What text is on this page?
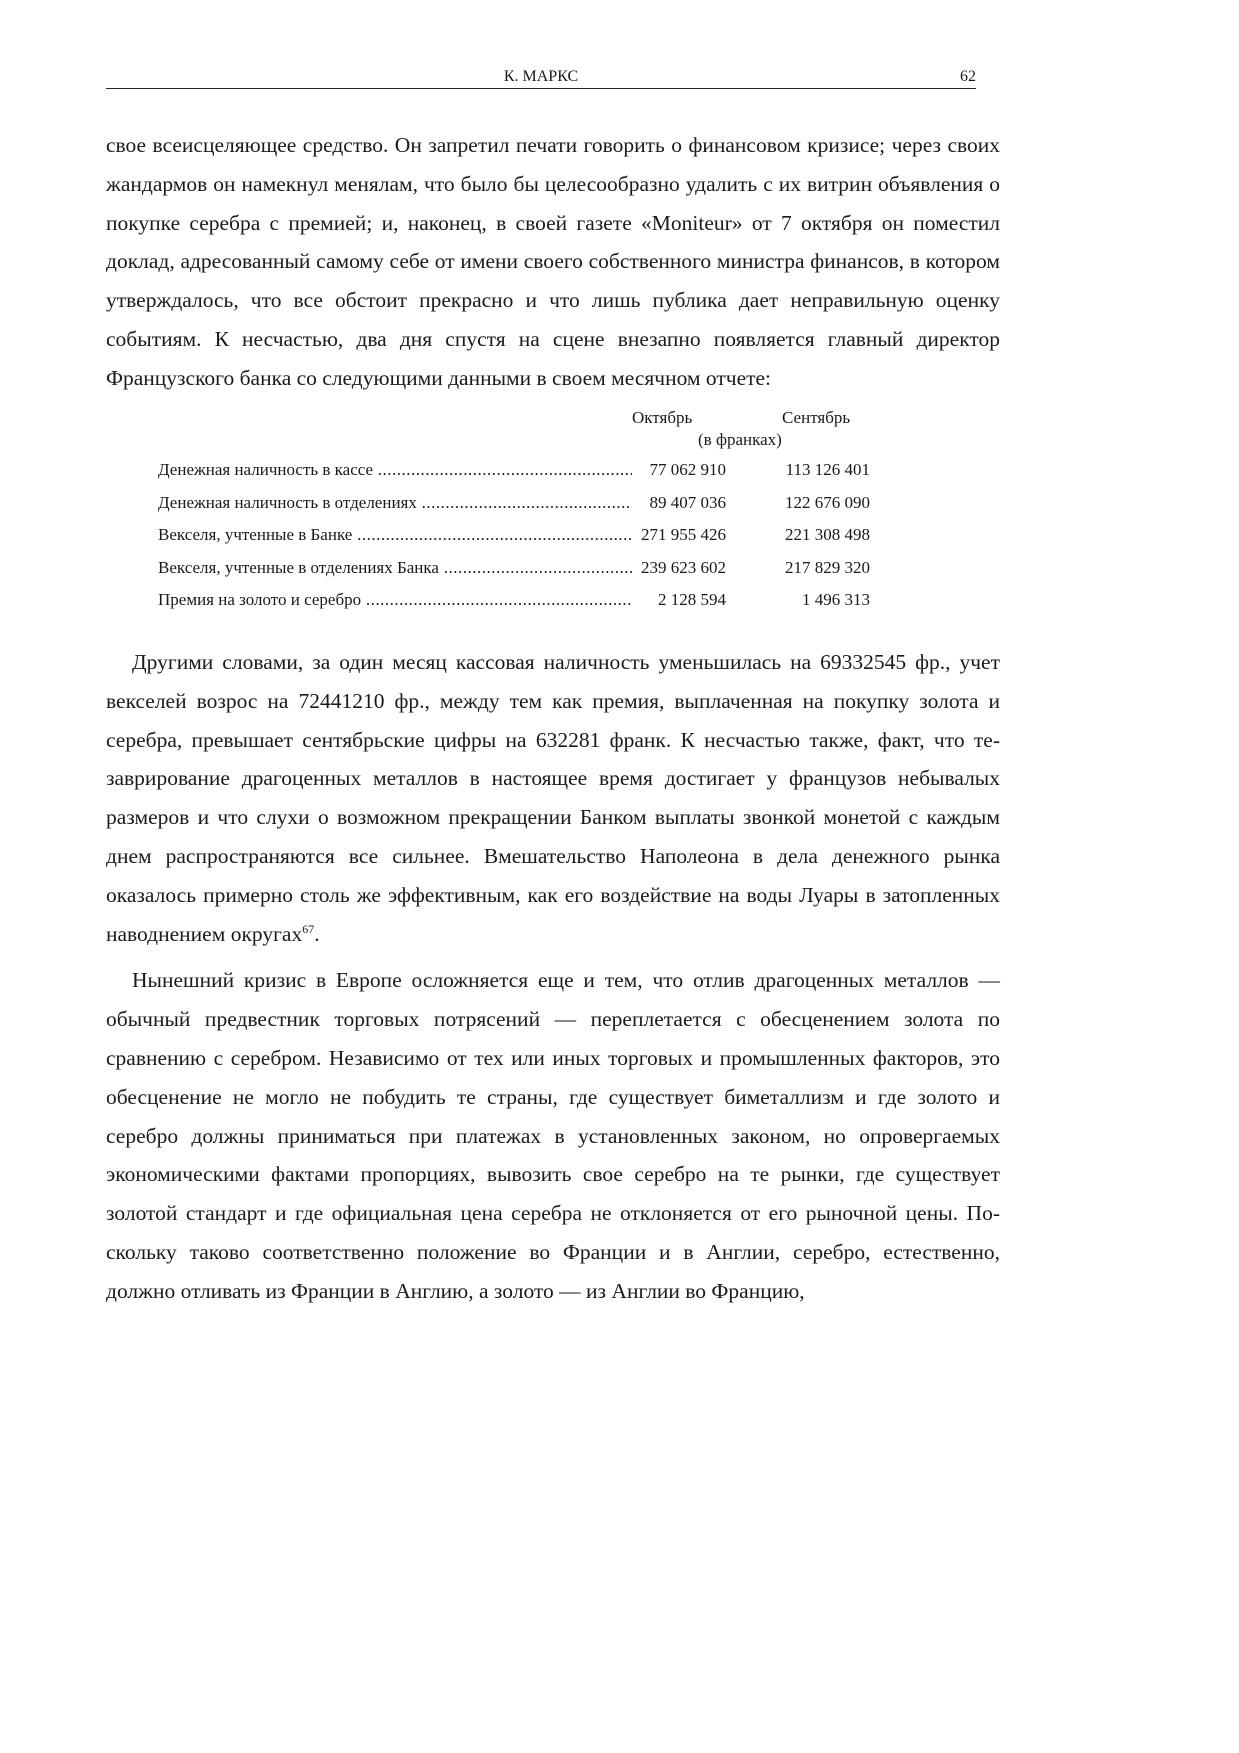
К. МАРКС	62

свое всеисцеляющее средство. Он запретил печати говорить о финансовом кризисе; через своих жандармов он намекнул менялам, что было бы целесообразно удалить с их витрин объявления о покупке серебра с премией; и, наконец, в своей газете «Moniteur» от 7 октября он поместил доклад, адресованный самому себе от имени своего собственного министра финансов, в котором утверждалось, что все обстоит прекрасно и что лишь публика дает неправильную оценку событиям. К несчастью, два дня спустя на сцене внезапно появляется главный директор Французского банка со следующими данными в своем месячном отчете:

Октябрь	Сентябрь
(в франках)
Денежная наличность в кассе .....	77 062 910	113 126 401
Денежная наличность в отделениях .....	89 407 036	122 676 090
Векселя, учтенные в Банке .....	271 955 426	221 308 498
Векселя, учтенные в отделениях Банка .....	239 623 602	217 829 320
Премия на золото и серебро .....	2 128 594	1 496 313

Другими словами, за один месяц кассовая наличность уменьшилась на 69332545 фр., учет векселей возрос на 72441210 фр., между тем как премия, выплаченная на покупку золота и серебра, превышает сентябрьские цифры на 632281 франк. К несчастью также, факт, что тезаврирование драгоценных металлов в настоящее время достигает у французов небывалых размеров и что слухи о возможном прекращении Банком выплаты звонкой монетой с каждым днем распространяются все сильнее. Вмешательство Наполеона в дела денежного рынка оказалось примерно столь же эффективным, как его воздействие на воды Луары в затопленных наводнением округах$^{67}$.

Нынешний кризис в Европе осложняется еще и тем, что отлив драгоценных металлов — обычный предвестник торговых потрясений — переплетается с обесценением золота по сравнению с серебром. Независимо от тех или иных торговых и промышленных факторов, это обесценение не могло не побудить те страны, где существует биметаллизм и где золото и серебро должны приниматься при платежах в установленных законом, но опровергаемых экономическими фактами пропорциях, вывозить свое серебро на те рынки, где существует золотой стандарт и где официальная цена серебра не отклоняется от его рыночной цены. Поскольку таково соответственно положение во Франции и в Англии, серебро, естественно, должно отливать из Франции в Англию, а золото — из Англии во Францию,
